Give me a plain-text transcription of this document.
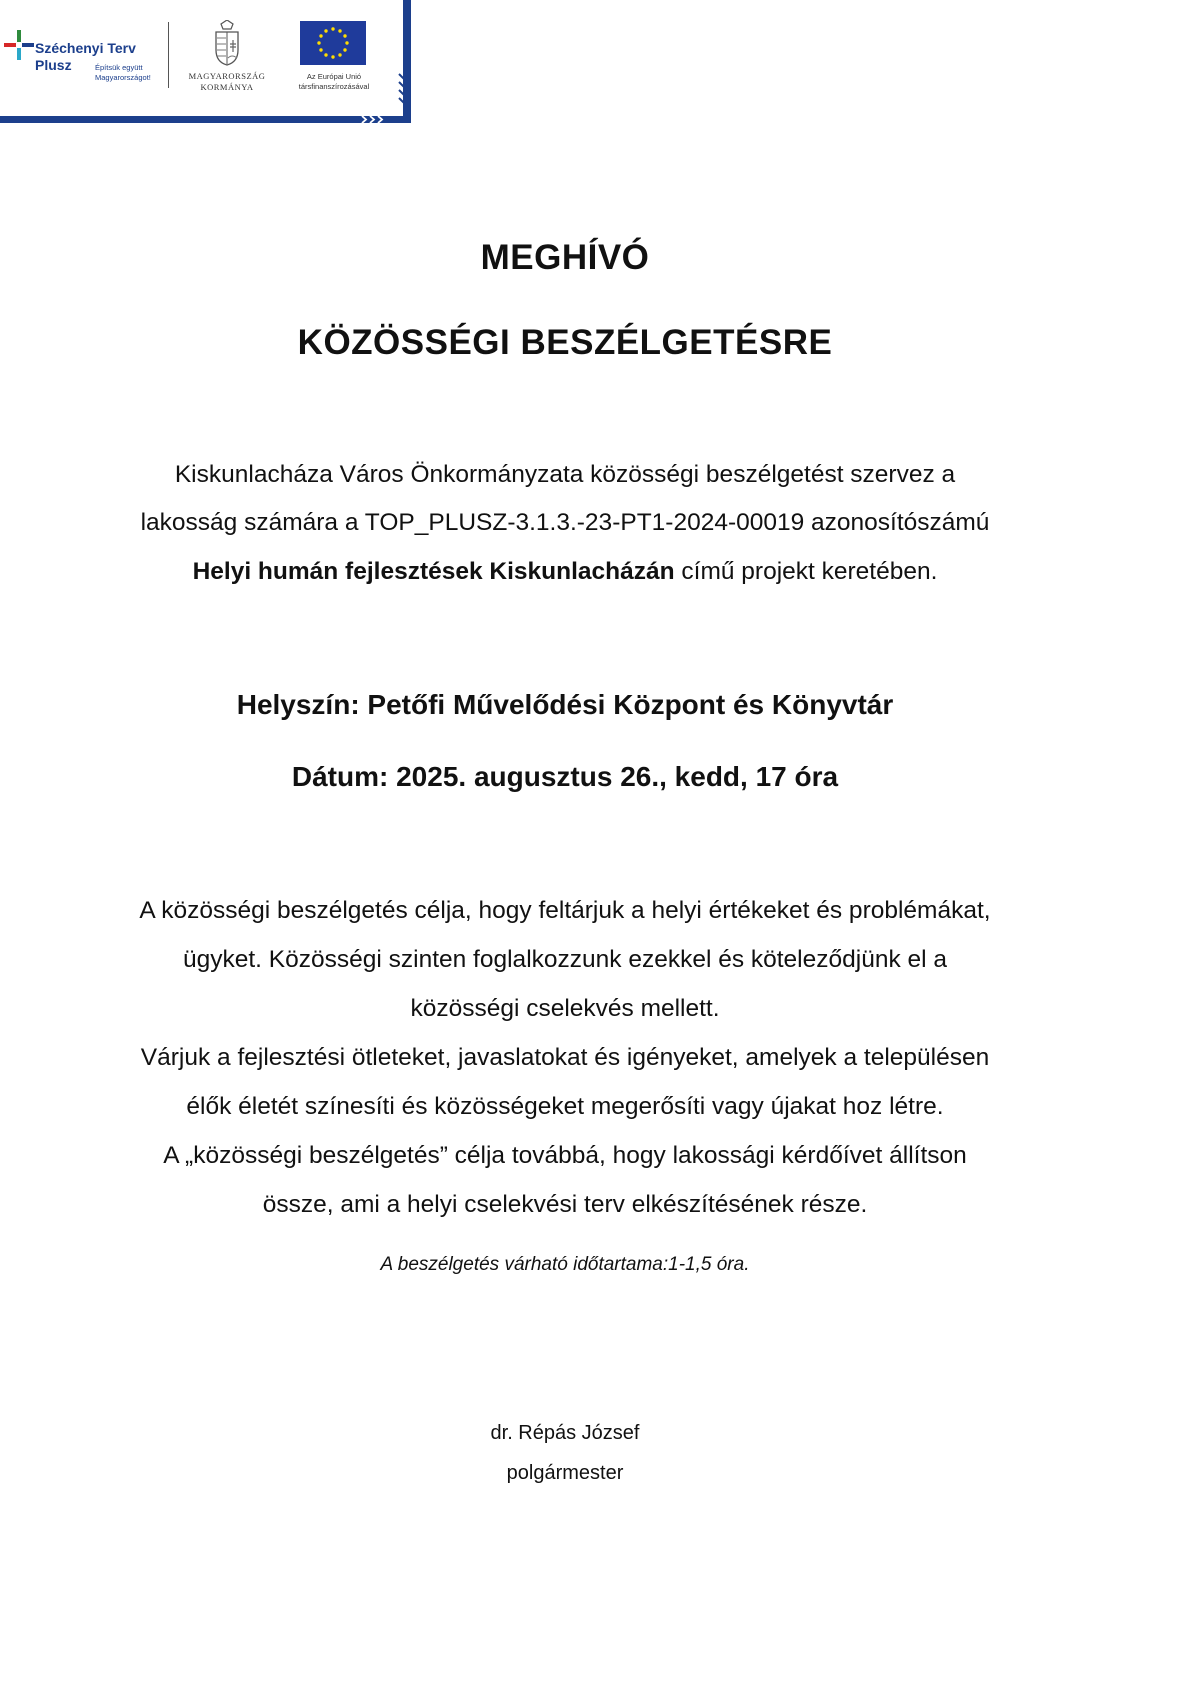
Széchenyi Terv
Plusz	Építsük együtt
Magyarországot!	MAGYARORSZÁG
KORMÁNYA
Az Európai Unió
társfinanszírozásával
MEGHÍVÓ
KÖZÖSSÉGI BESZÉLGETÉSRE
Kiskunlacháza Város Önkormányzata közösségi beszélgetést szervez a
lakosság számára a TOP_PLUSZ-3.1.3.-23-PT1-2024-00019 azonosítószámú
Helyi humán fejlesztések Kiskunlacházán című projekt keretében.
Helyszín: Petőfi Művelődési Központ és Könyvtár
Dátum: 2025. augusztus 26., kedd, 17 óra
A közösségi beszélgetés célja, hogy feltárjuk a helyi értékeket és problémákat,
ügyket. Közösségi szinten foglalkozzunk ezekkel és köteleződjünk el a
közösségi cselekvés mellett.
Várjuk a fejlesztési ötleteket, javaslatokat és igényeket, amelyek a településen
élők életét színesíti és közösségeket megerősíti vagy újakat hoz létre.
A „közösségi beszélgetés” célja továbbá, hogy lakossági kérdőívet állítson
össze, ami a helyi cselekvési terv elkészítésének része.
A beszélgetés várható időtartama:1-1,5 óra.
dr. Répás József
polgármester
